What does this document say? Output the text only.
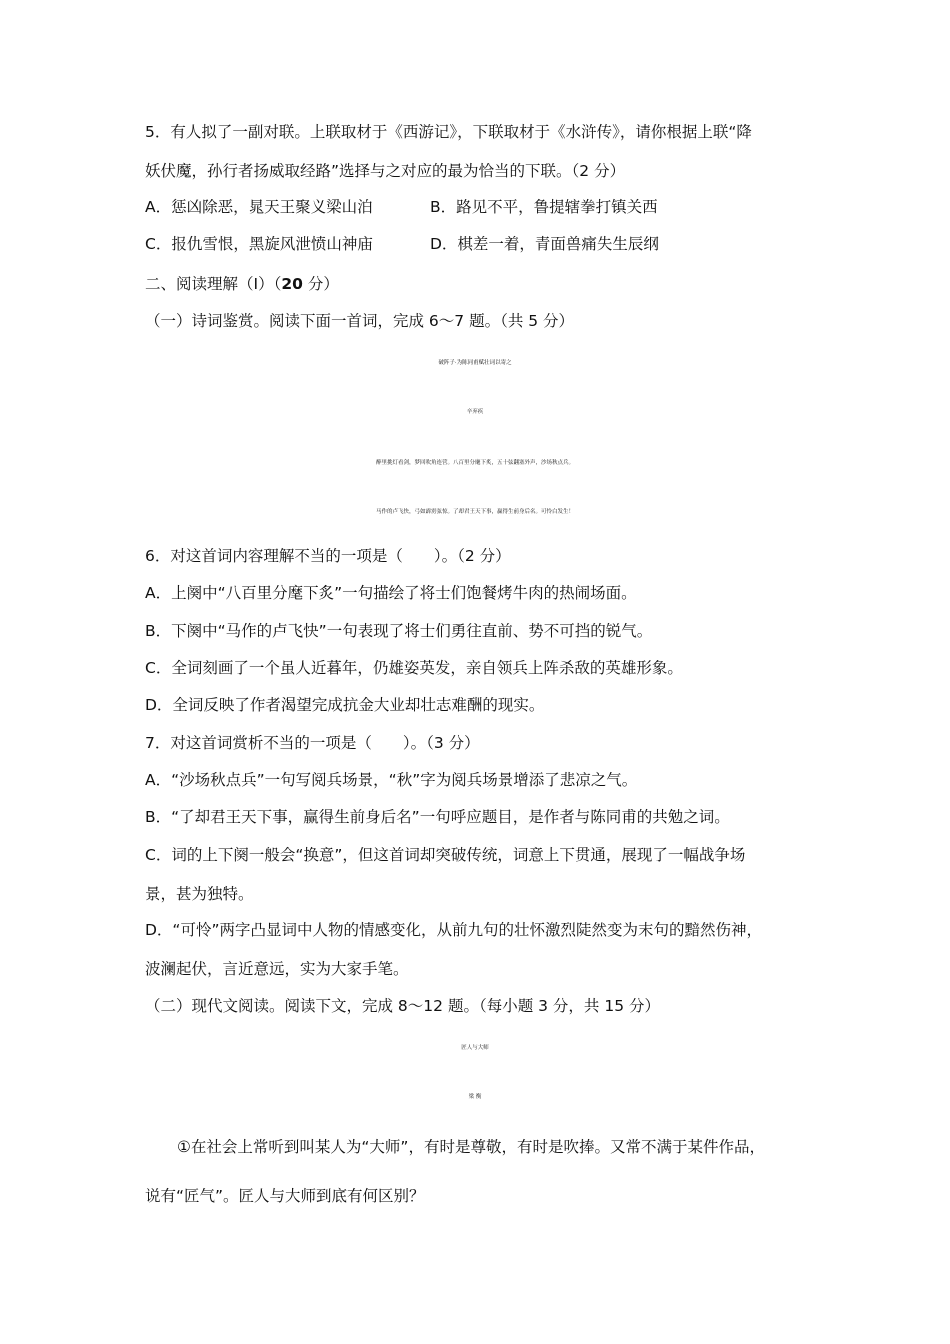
5．有人拟了一副对联。上联取材于《西游记》，下联取材于《水浒传》，请你根据上联“降
妖伏魔，孙行者扬威取经路”选择与之对应的最为恰当的下联。（2 分）
A．惩凶除恶，晁天王聚义梁山泊	B．路见不平，鲁提辖拳打镇关西
C．报仇雪恨，黑旋风泄愤山神庙	D．棋差一着，青面兽痛失生辰纲
二、阅读理解（Ⅰ）（20 分）
（一）诗词鉴赏。阅读下面一首词，完成 6～7 题。（共 5 分）
破阵子·为陈同甫赋壮词以寄之
辛弃疾
醉里挑灯看剑，梦回吹角连营。八百里分麾下炙，五十弦翻塞外声，沙场秋点兵。
马作的卢飞快，弓如霹雳弦惊。了却君王天下事，赢得生前身后名。可怜白发生！
6．对这首词内容理解不当的一项是（　　）。（2 分）
A．上阕中“八百里分麾下炙”一句描绘了将士们饱餐烤牛肉的热闹场面。
B．下阕中“马作的卢飞快”一句表现了将士们勇往直前、势不可挡的锐气。
C．全词刻画了一个虽人近暮年，仍雄姿英发，亲自领兵上阵杀敌的英雄形象。
D．全词反映了作者渴望完成抗金大业却壮志难酬的现实。
7．对这首词赏析不当的一项是（　　）。（3 分）
A．“沙场秋点兵”一句写阅兵场景，“秋”字为阅兵场景增添了悲凉之气。
B．“了却君王天下事，赢得生前身后名”一句呼应题目，是作者与陈同甫的共勉之词。
C．词的上下阕一般会“换意”，但这首词却突破传统，词意上下贯通，展现了一幅战争场
景，甚为独特。
D．“可怜”两字凸显词中人物的情感变化，从前九句的壮怀激烈陡然变为末句的黯然伤神，
波澜起伏，言近意远，实为大家手笔。
（二）现代文阅读。阅读下文，完成 8～12 题。（每小题 3 分，共 15 分）
匠人与大师
梁 衡
①在社会上常听到叫某人为“大师”，有时是尊敬，有时是吹捧。又常不满于某件作品，
说有“匠气”。匠人与大师到底有何区别？
